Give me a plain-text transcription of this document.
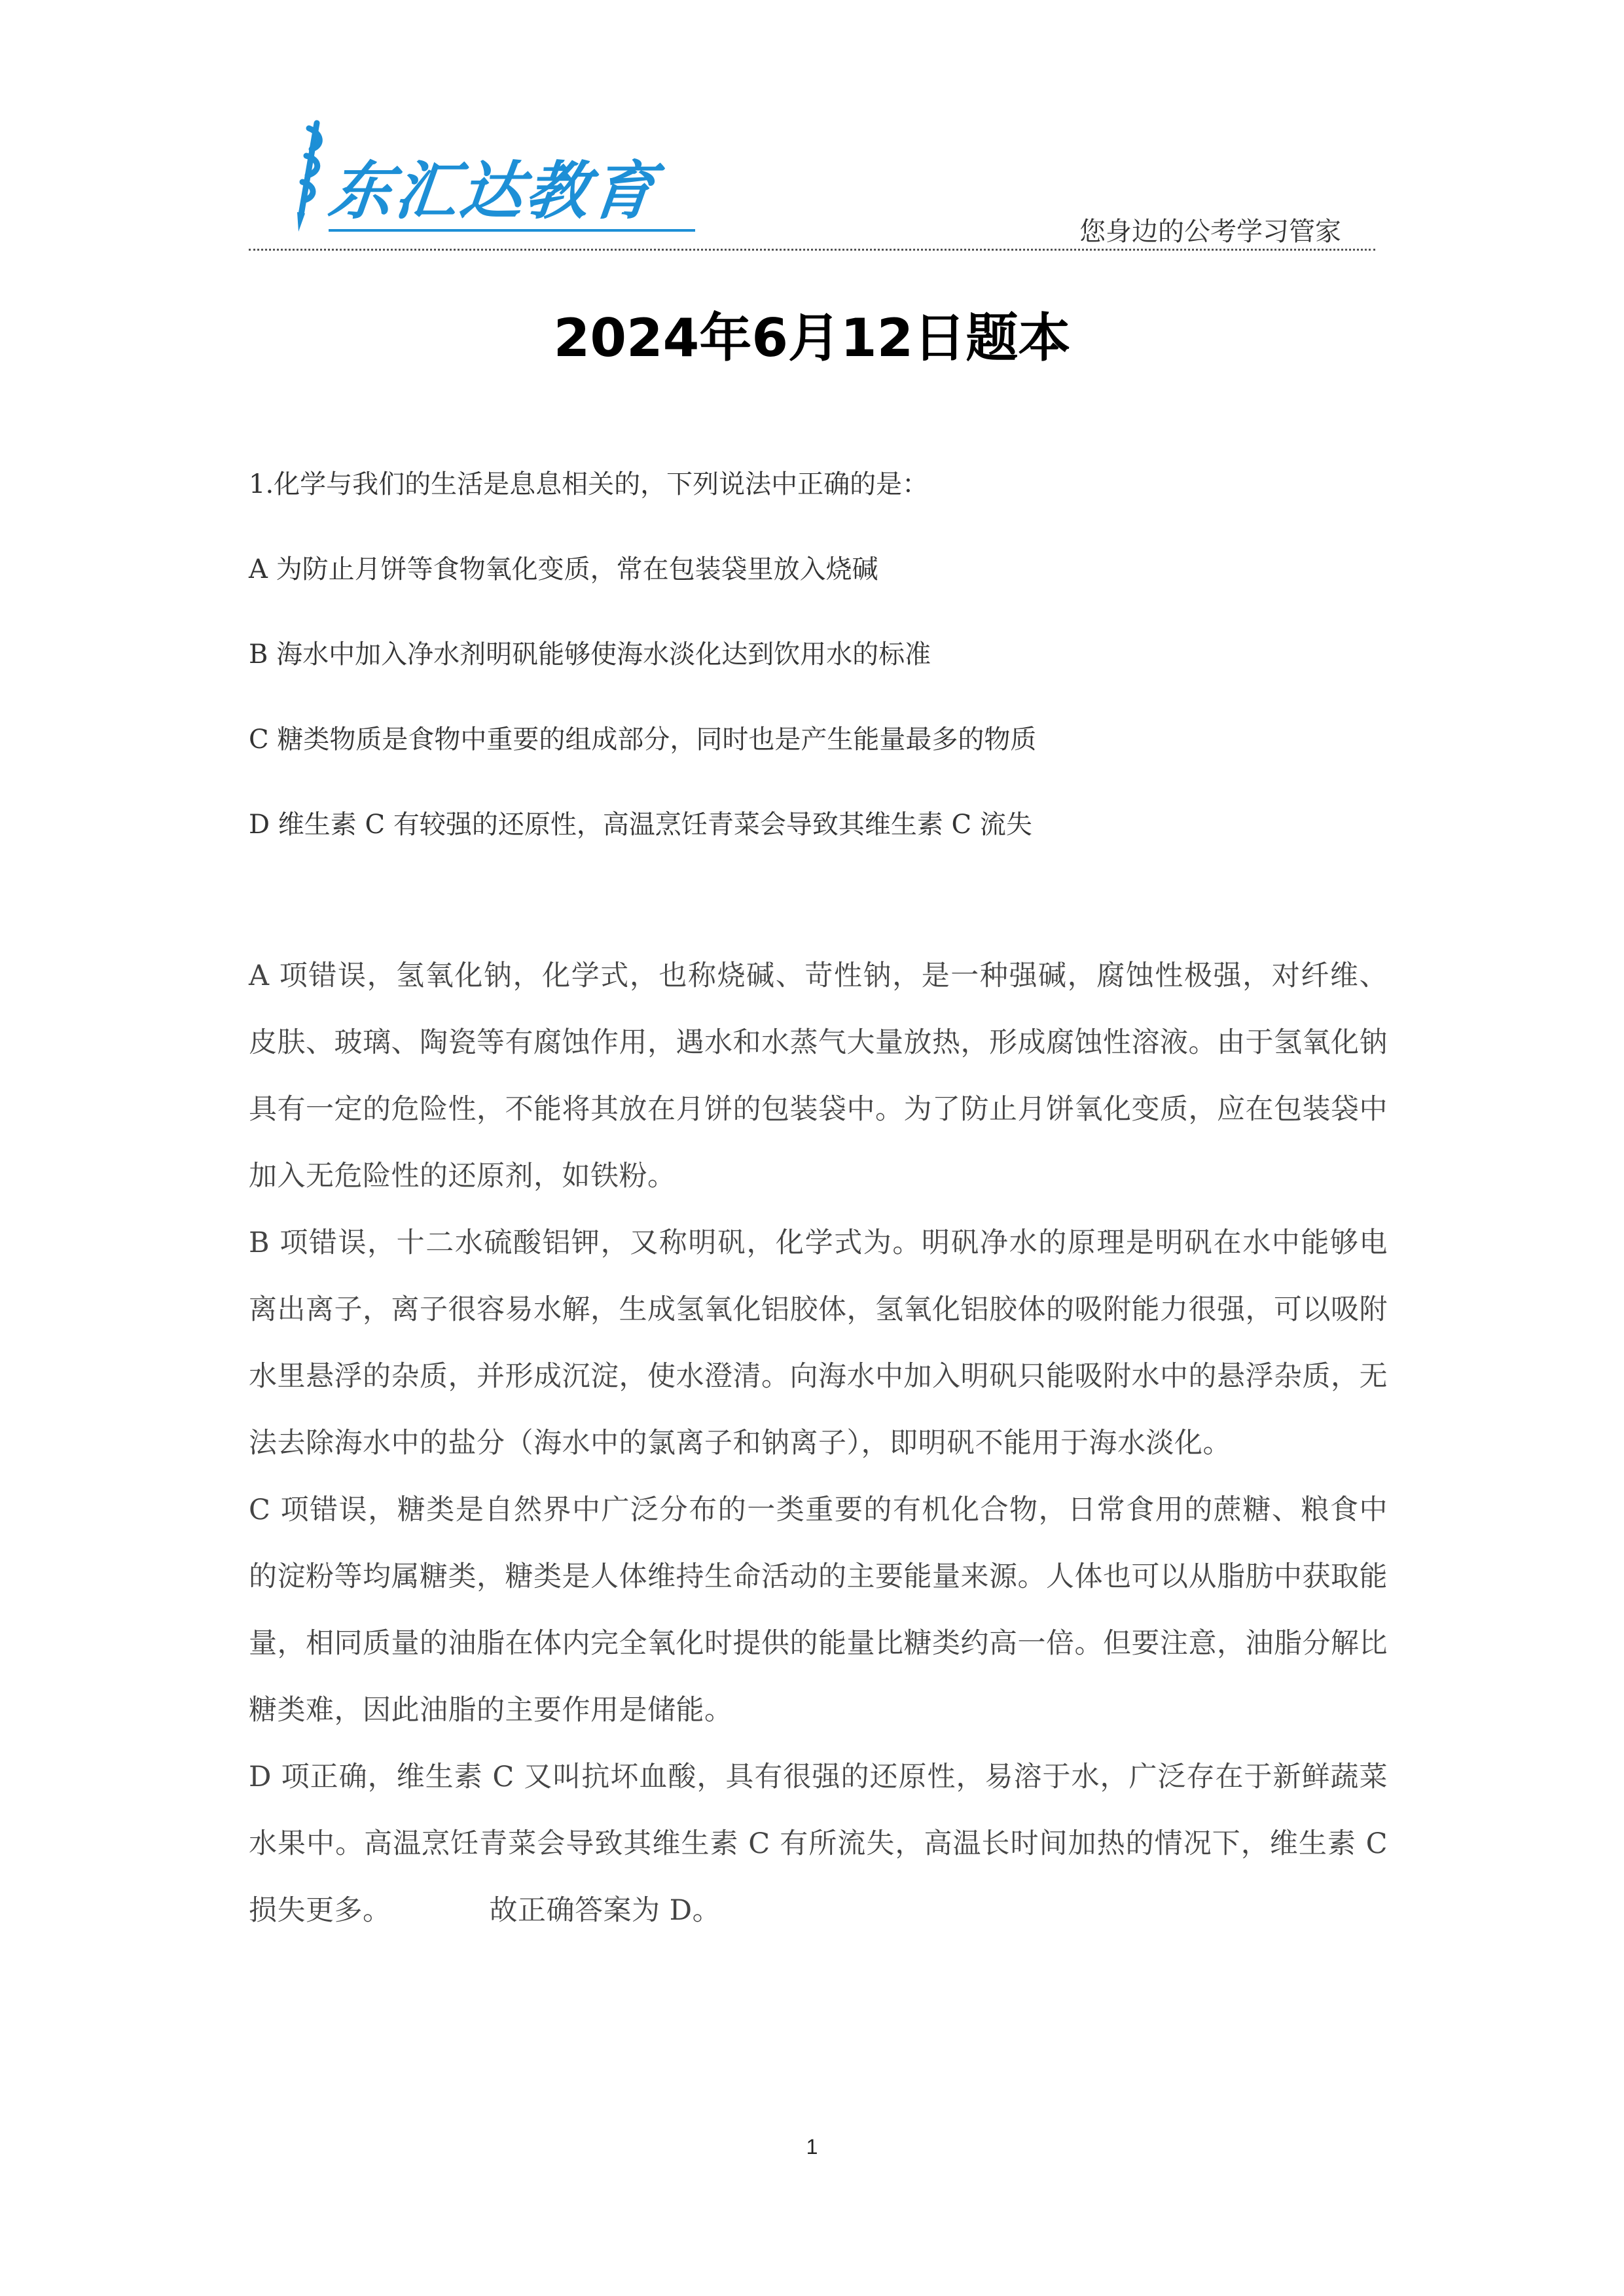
东汇达教育
您身边的公考学习管家
2024年6月12日题本

1.化学与我们的生活是息息相关的，下列说法中正确的是：

A 为防止月饼等食物氧化变质，常在包装袋里放入烧碱

B 海水中加入净水剂明矾能够使海水淡化达到饮用水的标准

C 糖类物质是食物中重要的组成部分，同时也是产生能量最多的物质

D 维生素 C 有较强的还原性，高温烹饪青菜会导致其维生素 C 流失

A 项错误，氢氧化钠，化学式，也称烧碱、苛性钠，是一种强碱，腐蚀性极强，对纤维、皮肤、玻璃、陶瓷等有腐蚀作用，遇水和水蒸气大量放热，形成腐蚀性溶液。由于氢氧化钠具有一定的危险性，不能将其放在月饼的包装袋中。为了防止月饼氧化变质，应在包装袋中加入无危险性的还原剂，如铁粉。

B 项错误，十二水硫酸铝钾，又称明矾，化学式为。明矾净水的原理是明矾在水中能够电离出离子，离子很容易水解，生成氢氧化铝胶体，氢氧化铝胶体的吸附能力很强，可以吸附水里悬浮的杂质，并形成沉淀，使水澄清。向海水中加入明矾只能吸附水中的悬浮杂质，无法去除海水中的盐分（海水中的氯离子和钠离子），即明矾不能用于海水淡化。

C 项错误，糖类是自然界中广泛分布的一类重要的有机化合物，日常食用的蔗糖、粮食中的淀粉等均属糖类，糖类是人体维持生命活动的主要能量来源。人体也可以从脂肪中获取能量，相同质量的油脂在体内完全氧化时提供的能量比糖类约高一倍。但要注意，油脂分解比糖类难，因此油脂的主要作用是储能。

D 项正确，维生素 C 又叫抗坏血酸，具有很强的还原性，易溶于水，广泛存在于新鲜蔬菜水果中。高温烹饪青菜会导致其维生素 C 有所流失，高温长时间加热的情况下，维生素 C 损失更多。	故正确答案为 D。

1
